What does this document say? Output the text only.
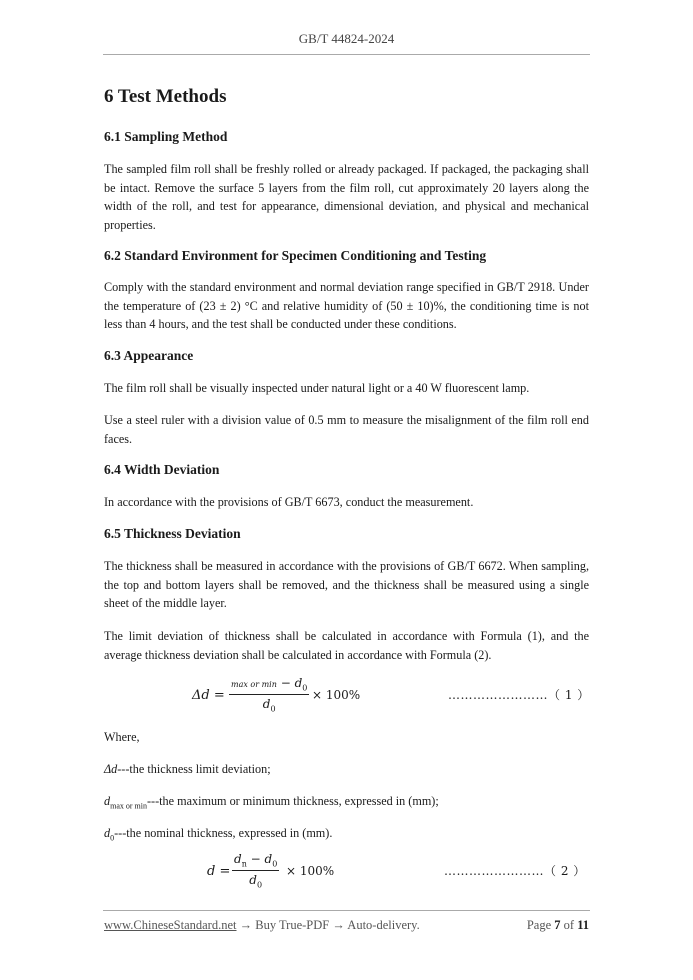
GB/T 44824-2024
6 Test Methods
6.1 Sampling Method

The sampled film roll shall be freshly rolled or already packaged. If packaged, the packaging shall be intact. Remove the surface 5 layers from the film roll, cut approximately 20 layers along the width of the roll, and test for appearance, dimensional deviation, and physical and mechanical properties.

6.2 Standard Environment for Specimen Conditioning and Testing

Comply with the standard environment and normal deviation range specified in GB/T 2918. Under the temperature of (23 ± 2) °C and relative humidity of (50 ± 10)%, the conditioning time is not less than 4 hours, and the test shall be conducted under these conditions.

6.3 Appearance

The film roll shall be visually inspected under natural light or a 40 W fluorescent lamp.

Use a steel ruler with a division value of 0.5 mm to measure the misalignment of the film roll end faces.

6.4 Width Deviation

In accordance with the provisions of GB/T 6673, conduct the measurement.

6.5 Thickness Deviation

The thickness shall be measured in accordance with the provisions of GB/T 6672. When sampling, the top and bottom layers shall be removed, and the thickness shall be measured using a single sheet of the middle layer.

The limit deviation of thickness shall be calculated in accordance with Formula (1), and the average thickness deviation shall be calculated in accordance with Formula (2).

Δd =
max or $\min - d_0$
$d_0$
× 100%	……………………（ 1 ）

Where,

Δd---the thickness limit deviation;

$d_{max or min}--$-the maximum or minimum thickness, expressed in (mm);

$d_0--$-the nominal thickness, expressed in (mm).

$d = \frac{d_n - d_0}{d_0} \times 100\%$	……………………（ 2 ）
www.ChineseStandard.net → Buy True-PDF → Auto-delivery.	Page 7 of 11
